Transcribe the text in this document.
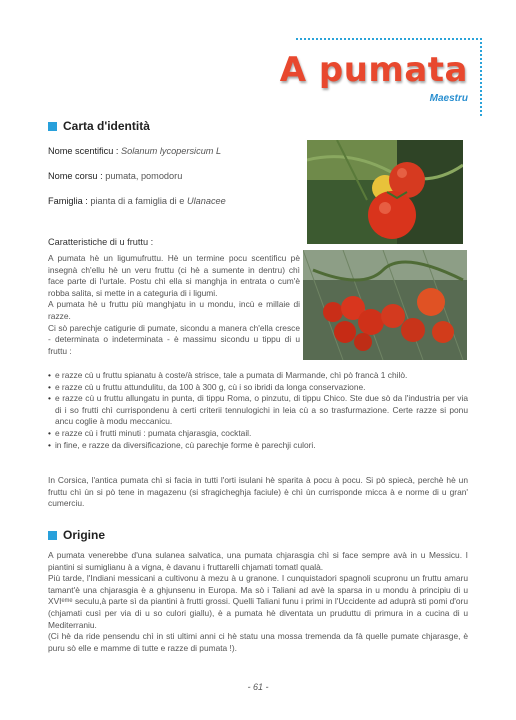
A pumata
Maestru
Carta d'identità
Nome scentificu : Solanum lycopersicum L
Nome corsu : pumata, pomodoru
Famiglia : pianta di a famiglia di e Ulanacee
Caratteristiche di u fruttu :

A pumata hè un ligumufruttu. Hè un termine pocu scentificu pè insegnà ch'ellu hè un veru fruttu (ci hè a sumente in dentru) chì face parte di l'urtale. Postu chì ella si manghja in entrata o cum'è robba salita, si mette in a categuria di i ligumi.

A pumata hè u fruttu più manghjatu in u mondu, incù e millaie di razze.

Ci sò parechje catigurie di pumate, sicondu a manera ch'ella cresce - determinata o indeterminata - è massimu sicondu u tippu di u fruttu :

• e razze cù u fruttu spianatu à coste/à strisce, tale a pumata di Marmande, chì pò francà 1 chilò.
• e razze cù u fruttu attundulitu, da 100 à 300 g, cù i so ibridi da longa conservazione.
• e razze cù u fruttu allungatu in punta, di tippu Roma, o pinzutu, di tippu Chico. Ste due sò da l'industria per via di i so frutti chì currispondenu à certi criterii tennulogichi in leia cù a so trasfurmazione. Certe razze si ponu ancu coglie à modu meccanicu.
• e razze cù i frutti minuti : pumata chjarasgia, cocktail.
• in fine, e razze da diversificazione, cù parechje forme è parechji culori.
In Corsica, l'antica pumata chì si facia in tutti l'orti isulani hè sparita à pocu à pocu. Si pò spiecà, perchè hè un fruttu chì ùn si pò tene in magazenu (si sfragicheghja faciule) è chì ùn currisponde micca à e norme di u gran' cumerciu.
Origine

A pumata venerebbe d'una sulanea salvatica, una pumata chjarasgia chì si face sempre avà in u Messicu. I piantini si sumiglianu à a vigna, è davanu i fruttarelli chjamati tomatl qualà.

Più tarde, l'Indiani messicani a cultivonu à mezu à u granone. I cunquistadori spagnoli scupronu un fruttu amaru tamant'è una chjarasgia è a ghjunsenu in Europa. Ma sò i Taliani ad avè la sparsa in u mondu à principiu di u XVIᵉᵐᵉ seculu,à parte sì da piantini à frutti grossi. Quelli Taliani funu i primi in l'Uccidente ad aduprà sti pomi d'oru (chjamati cusì per via di u so culori giallu), è a pumata hè diventata un pruduttu di primura in a cucina di u Mediterraniu.

(Ci hè da ride pensendu chì in sti ultimi anni ci hè statu una mossa tremenda da fà quelle pumate chjarasge, è puru sò elle e mamme di tutte e razze di pumata !).

- 61 -
